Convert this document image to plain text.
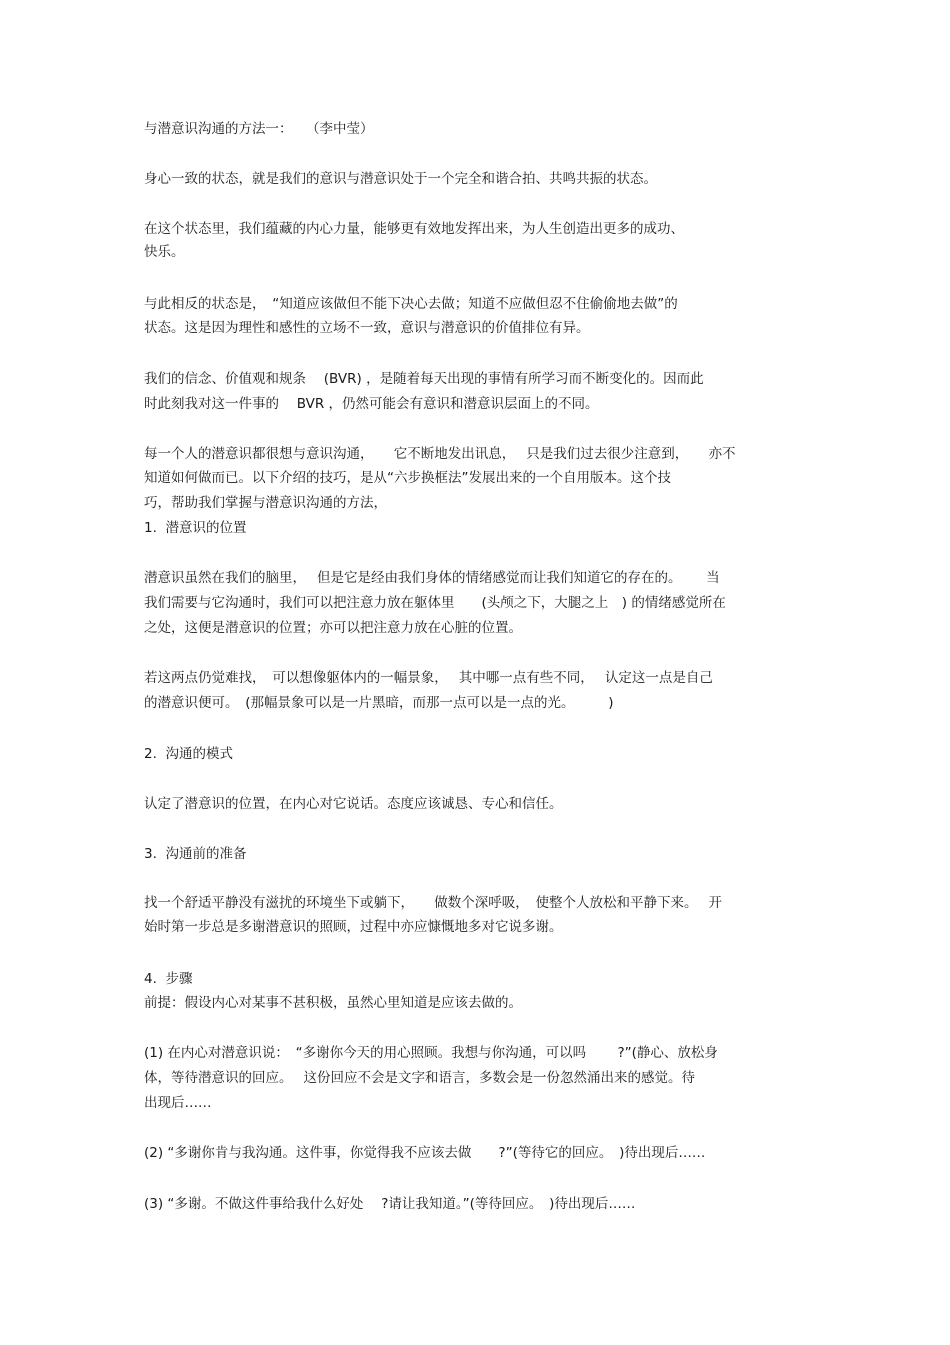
与潜意识沟通的方法一：　　（李中莹）
身心一致的状态，就是我们的意识与潜意识处于一个完全和谐合拍、共鸣共振的状态。
在这个状态里，我们蕴藏的内心力量，能够更有效地发挥出来，为人生创造出更多的成功、
快乐。
与此相反的状态是，　“知道应该做但不能下决心去做；知道不应做但忍不住偷偷地去做”的
状态。这是因为理性和感性的立场不一致，意识与潜意识的价值排位有异。
我们的信念、价值观和规条　 (BVR) ，是随着每天出现的事情有所学习而不断变化的。因而此
时此刻我对这一件事的　 BVR ，仍然可能会有意识和潜意识层面上的不同。
每一个人的潜意识都很想与意识沟通，　　它不断地发出讯息，　 只是我们过去很少注意到，　　亦不
知道如何做而已。以下介绍的技巧，是从“六步换框法”发展出来的一个自用版本。这个技
巧，帮助我们掌握与潜意识沟通的方法，
1.  潜意识的位置
潜意识虽然在我们的脑里，　 但是它是经由我们身体的情绪感觉而让我们知道它的存在的。　　 当
我们需要与它沟通时，我们可以把注意力放在躯体里　　(头颅之下，大腿之上　) 的情绪感觉所在
之处，这便是潜意识的位置；亦可以把注意力放在心脏的位置。
若这两点仍觉难找，　可以想像躯体内的一幅景象，　 其中哪一点有些不同，　 认定这一点是自己
的潜意识便可。　(那幅景象可以是一片黑暗，而那一点可以是一点的光。　　　)
2.  沟通的模式
认定了潜意识的位置，在内心对它说话。态度应该诚恳、专心和信任。
3.  沟通前的准备
找一个舒适平静没有滋扰的环境坐下或躺下，　　做数个深呼吸，　使整个人放松和平静下来。　 开
始时第一步总是多谢潜意识的照顾，过程中亦应慷慨地多对它说多谢。
4.  步骤
前提：假设内心对某事不甚积极，虽然心里知道是应该去做的。
(1) 在内心对潜意识说：　“多谢你今天的用心照顾。我想与你沟通，可以吗　　 ?”(静心、放松身
体，等待潜意识的回应。　 这份回应不会是文字和语言，多数会是一份忽然涌出来的感觉。待
出现后……
(2) “多谢你肯与我沟通。这件事，你觉得我不应该去做　　?”(等待它的回应。　)待出现后……
(3) “多谢。不做这件事给我什么好处　 ?请让我知道。”(等待回应。　)待出现后……
